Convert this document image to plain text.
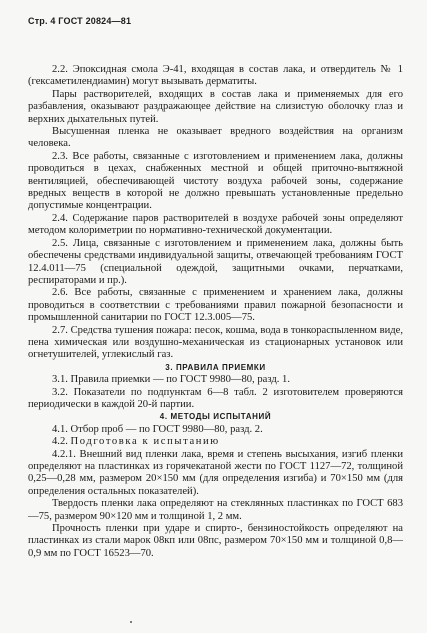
Стр. 4 ГОСТ 20824—81

2.2. Эпоксидная смола Э-41, входящая в состав лака, и отвердитель № 1 (гексаметилендиамин) могут вызывать дерматиты.

Пары растворителей, входящих в состав лака и применяемых для его разбавления, оказывают раздражающее действие на слизистую оболочку глаз и верхних дыхательных путей.

Высушенная пленка не оказывает вредного воздействия на организм человека.

2.3. Все работы, связанные с изготовлением и применением лака, должны проводиться в цехах, снабженных местной и общей приточно-вытяжной вентиляцией, обеспечивающей чистоту воздуха рабочей зоны, содержание вредных веществ в которой не должно превышать установленные предельно допустимые концентрации.

2.4. Содержание паров растворителей в воздухе рабочей зоны определяют методом колориметрии по нормативно-технической документации.

2.5. Лица, связанные с изготовлением и применением лака, должны быть обеспечены средствами индивидуальной защиты, отвечающей требованиям ГОСТ 12.4.011—75 (специальной одеждой, защитными очками, перчатками, респираторами и пр.).

2.6. Все работы, связанные с применением и хранением лака, должны проводиться в соответствии с требованиями правил пожарной безопасности и промышленной санитарии по ГОСТ 12.3.005—75.

2.7. Средства тушения пожара: песок, кошма, вода в тонкораспыленном виде, пена химическая или воздушно-механическая из стационарных установок или огнетушителей, углекислый газ.

3. ПРАВИЛА ПРИЕМКИ

3.1. Правила приемки — по ГОСТ 9980—80, разд. 1.

3.2. Показатели по подпунктам 6—8 табл. 2 изготовителем проверяются периодически в каждой 20-й партии.

4. МЕТОДЫ ИСПЫТАНИЙ

4.1. Отбор проб — по ГОСТ 9980—80, разд. 2.

4.2. Подготовка к испытанию

4.2.1. Внешний вид пленки лака, время и степень высыхания, изгиб пленки определяют на пластинках из горячекатаной жести по ГОСТ 1127—72, толщиной 0,25—0,28 мм, размером 20×150 мм (для определения изгиба) и 70×150 мм (для определения остальных показателей).

Твердость пленки лака определяют на стеклянных пластинках по ГОСТ 683—75, размером 90×120 мм и толщиной 1, 2 мм.

Прочность пленки при ударе и спирто-, бензиностойкость определяют на пластинках из стали марок 08кп или 08пс, размером 70×150 мм и толщиной 0,8—0,9 мм по ГОСТ 16523—70.
